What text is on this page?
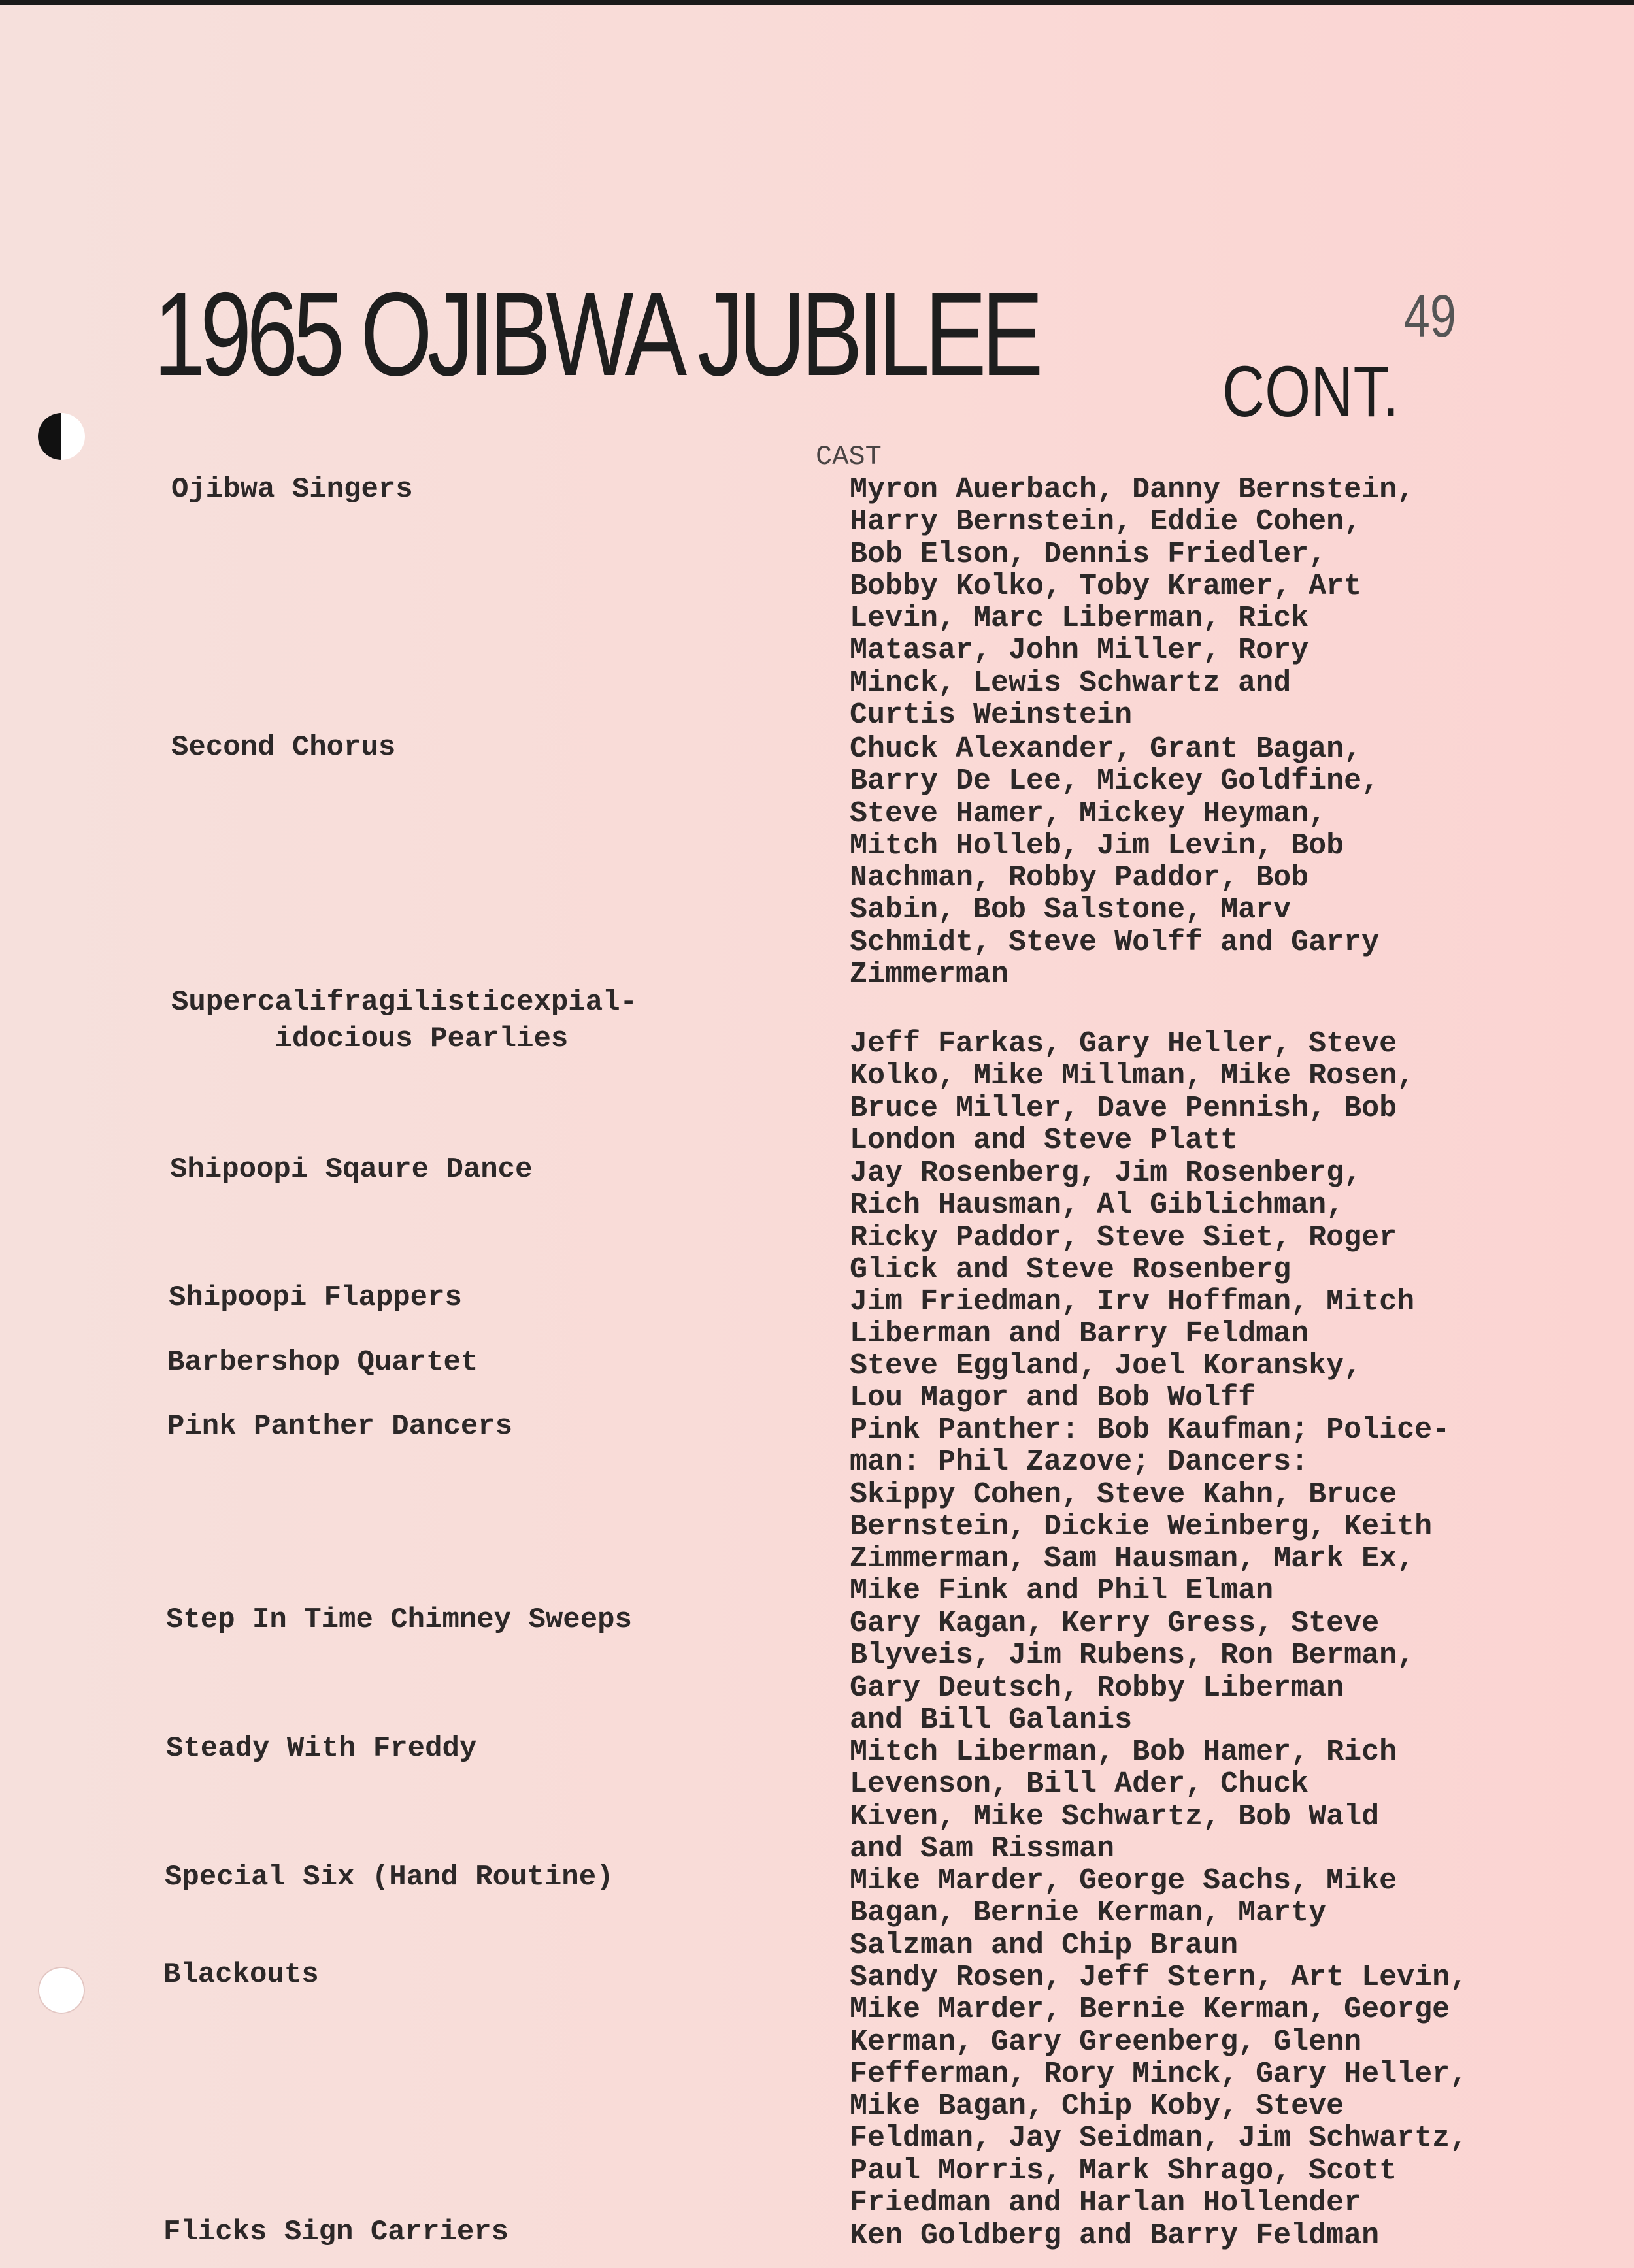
1965 OJIBWA JUBILEE	CONT.
49
CAST
Ojibwa Singers
Second Chorus
Supercalifragilisticexpial-
idocious Pearlies
Shipoopi Sqaure Dance
Shipoopi Flappers
Barbershop Quartet
Pink Panther Dancers
Step In Time Chimney Sweeps
Steady With Freddy
Special Six (Hand Routine)
Blackouts
Flicks Sign Carriers
Myron Auerbach, Danny Bernstein,
Harry Bernstein, Eddie Cohen,
Bob Elson, Dennis Friedler,
Bobby Kolko, Toby Kramer, Art
Levin, Marc Liberman, Rick
Matasar, John Miller, Rory
Minck, Lewis Schwartz and
Curtis Weinstein
Chuck Alexander, Grant Bagan,
Barry De Lee, Mickey Goldfine,
Steve Hamer, Mickey Heyman,
Mitch Holleb, Jim Levin, Bob
Nachman, Robby Paddor, Bob
Sabin, Bob Salstone, Marv
Schmidt, Steve Wolff and Garry
Zimmerman
Jeff Farkas, Gary Heller, Steve
Kolko, Mike Millman, Mike Rosen,
Bruce Miller, Dave Pennish, Bob
London and Steve Platt
Jay Rosenberg, Jim Rosenberg,
Rich Hausman, Al Giblichman,
Ricky Paddor, Steve Siet, Roger
Glick and Steve Rosenberg
Jim Friedman, Irv Hoffman, Mitch
Liberman and Barry Feldman
Steve Eggland, Joel Koransky,
Lou Magor and Bob Wolff
Pink Panther: Bob Kaufman; Police-
man: Phil Zazove; Dancers:
Skippy Cohen, Steve Kahn, Bruce
Bernstein, Dickie Weinberg, Keith
Zimmerman, Sam Hausman, Mark Ex,
Mike Fink and Phil Elman
Gary Kagan, Kerry Gress, Steve
Blyveis, Jim Rubens, Ron Berman,
Gary Deutsch, Robby Liberman
and Bill Galanis
Mitch Liberman, Bob Hamer, Rich
Levenson, Bill Ader, Chuck
Kiven, Mike Schwartz, Bob Wald
and Sam Rissman
Mike Marder, George Sachs, Mike
Bagan, Bernie Kerman, Marty
Salzman and Chip Braun
Sandy Rosen, Jeff Stern, Art Levin,
Mike Marder, Bernie Kerman, George
Kerman, Gary Greenberg, Glenn
Fefferman, Rory Minck, Gary Heller,
Mike Bagan, Chip Koby, Steve
Feldman, Jay Seidman, Jim Schwartz,
Paul Morris, Mark Shrago, Scott
Friedman and Harlan Hollender
Ken Goldberg and Barry Feldman
